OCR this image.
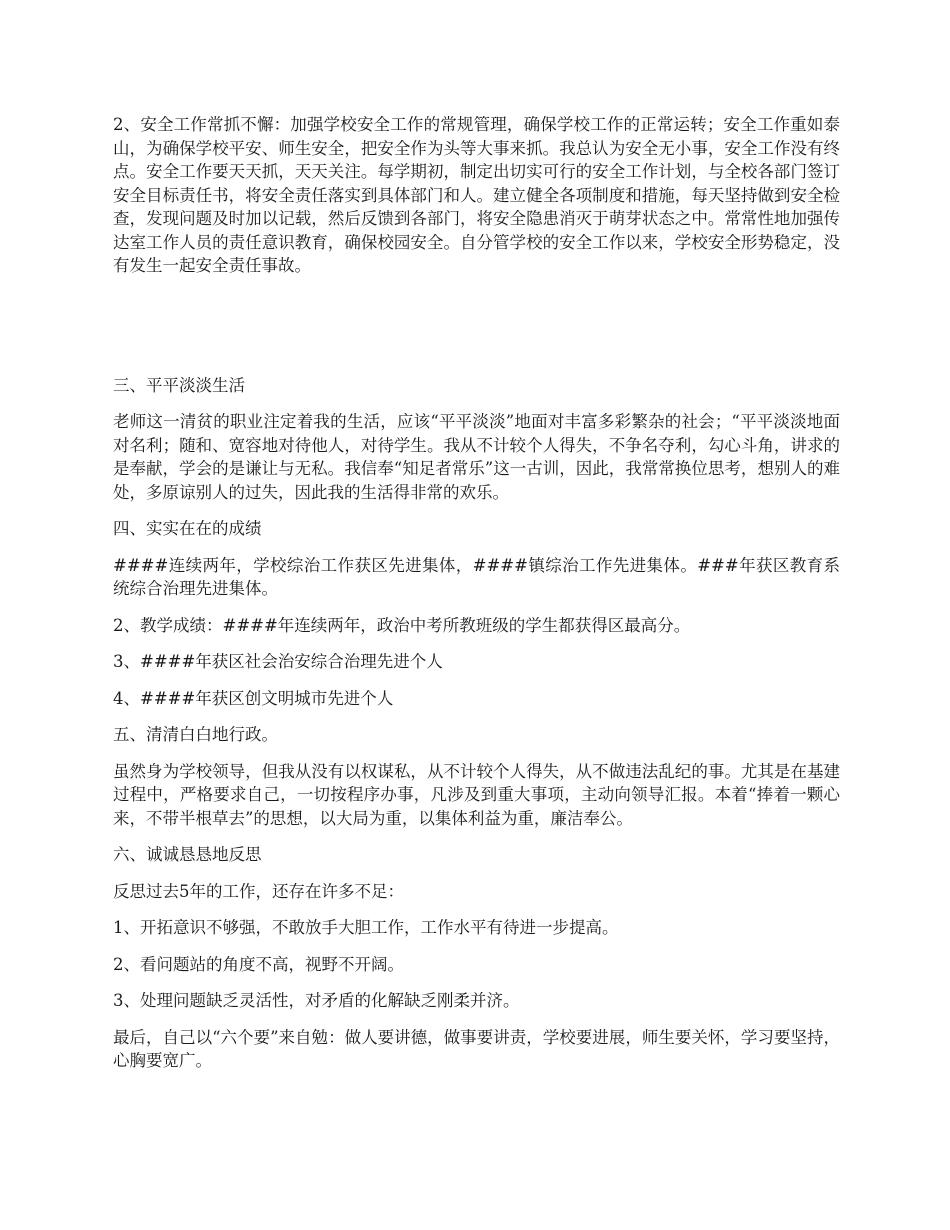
2、安全工作常抓不懈：加强学校安全工作的常规管理，确保学校工作的正常运转；安全工作重如泰山，为确保学校平安、师生安全，把安全作为头等大事来抓。我总认为安全无小事，安全工作没有终点。安全工作要天天抓，天天关注。每学期初，制定出切实可行的安全工作计划，与全校各部门签订安全目标责任书，将安全责任落实到具体部门和人。建立健全各项制度和措施，每天坚持做到安全检查，发现问题及时加以记载，然后反馈到各部门，将安全隐患消灭于萌芽状态之中。常常性地加强传达室工作人员的责任意识教育，确保校园安全。自分管学校的安全工作以来，学校安全形势稳定，没有发生一起安全责任事故。

三、平平淡淡生活

老师这一清贫的职业注定着我的生活，应该“平平淡淡”地面对丰富多彩繁杂的社会；“平平淡淡地面对名利；随和、宽容地对待他人，对待学生。我从不计较个人得失，不争名夺利，勾心斗角，讲求的是奉献，学会的是谦让与无私。我信奉“知足者常乐”这一古训，因此，我常常换位思考，想别人的难处，多原谅别人的过失，因此我的生活得非常的欢乐。

四、实实在在的成绩

####连续两年，学校综治工作获区先进集体，####镇综治工作先进集体。###年获区教育系统综合治理先进集体。

2、教学成绩：####年连续两年，政治中考所教班级的学生都获得区最高分。

3、####年获区社会治安综合治理先进个人

4、####年获区创文明城市先进个人

五、清清白白地行政。

虽然身为学校领导，但我从没有以权谋私，从不计较个人得失，从不做违法乱纪的事。尤其是在基建过程中，严格要求自己，一切按程序办事，凡涉及到重大事项，主动向领导汇报。本着“捧着一颗心来，不带半根草去”的思想，以大局为重，以集体利益为重，廉洁奉公。

六、诚诚恳恳地反思

反思过去5年的工作，还存在许多不足：

1、开拓意识不够强，不敢放手大胆工作，工作水平有待进一步提高。

2、看问题站的角度不高，视野不开阔。

3、处理问题缺乏灵活性，对矛盾的化解缺乏刚柔并济。

最后，自己以“六个要”来自勉：做人要讲德，做事要讲责，学校要进展，师生要关怀，学习要坚持，心胸要宽广。
